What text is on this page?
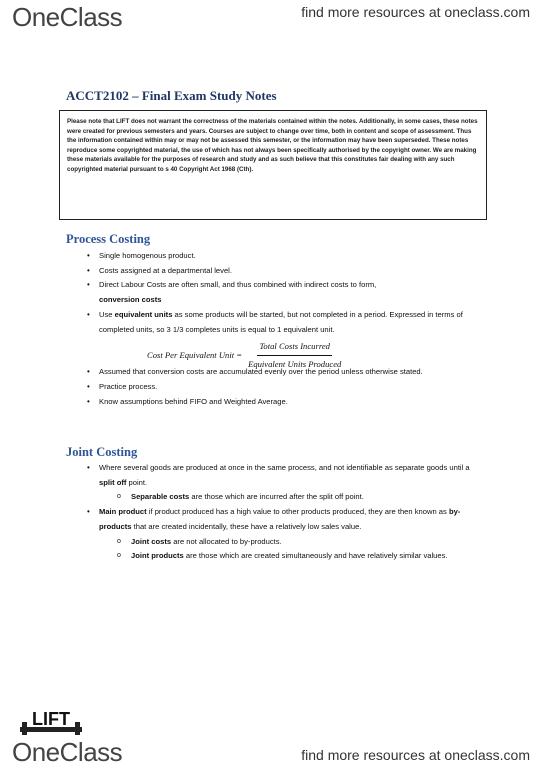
OneClass	find more resources at oneclass.com
ACCT2102 – Final Exam Study Notes
Please note that LIFT does not warrant the correctness of the materials contained within the notes. Additionally, in some cases, these notes were created for previous semesters and years. Courses are subject to change over time, both in content and scope of assessment. Thus the information contained within may or may not be assessed this semester, or the information may have been superseded. These notes reproduce some copyrighted material, the use of which has not always been specifically authorised by the copyright owner. We are making these materials available for the purposes of research and study and as such believe that this constitutes fair dealing with any such copyrighted material pursuant to s 40 Copyright Act 1968 (Cth).
Process Costing
• Single homogenous product.
• Costs assigned at a departmental level.
• Direct Labour Costs are often small, and thus combined with indirect costs to form,
conversion costs
• Use equivalent units as some products will be started, but not completed in a period. Expressed in terms of completed units, so 3 1/3 completes units is equal to 1 equivalent unit.
Cost Per Equivalent Unit = $\frac{\text{Total Costs Incurred}}{\text{Equivalent Units Produced}}$
• Assumed that conversion costs are accumulated evenly over the period unless otherwise stated.
• Practice process.
• Know assumptions behind FIFO and Weighted Average.
Joint Costing
• Where several goods are produced at once in the same process, and not identifiable as separate goods until a split off point.
o Separable costs are those which are incurred after the split off point.
• Main product if product produced has a high value to other products produced, they are then known as by-products that are created incidentally, these have a relatively low sales value.
o Joint costs are not allocated to by-products.
o Joint products are those which are created simultaneously and have relatively similar values.
LIFT
OneClass	find more resources at oneclass.com
